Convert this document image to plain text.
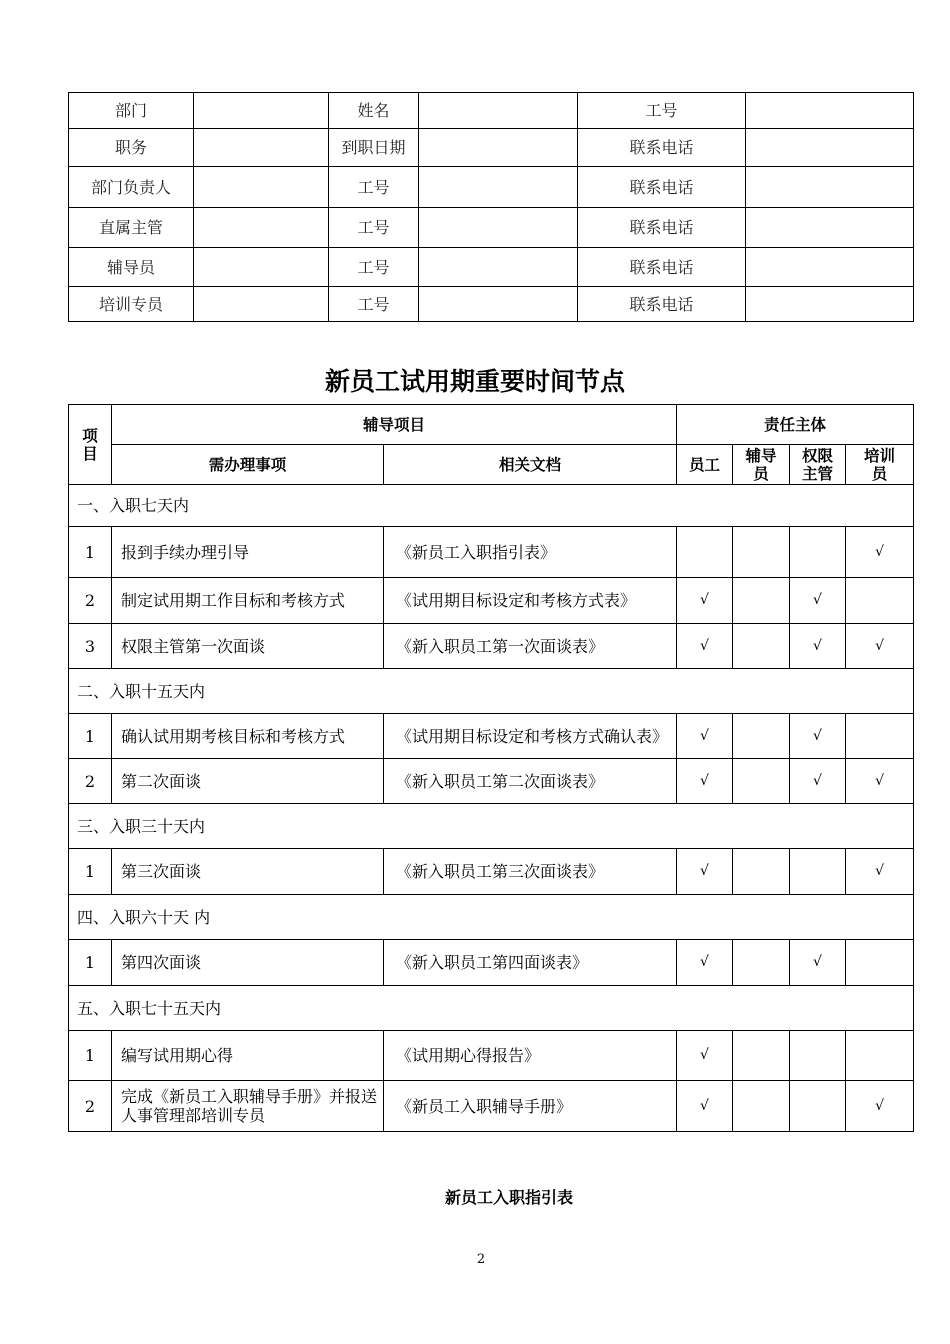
部门		姓名		工号	
职务		到职日期		联系电话	
部门负责人		工号		联系电话	
直属主管		工号		联系电话	
辅导员		工号		联系电话	
培训专员		工号		联系电话	
新员工试用期重要时间节点
项目	辅导项目		责任主体			
	需办理事项	相关文档	员工	辅导员	权限主管	培训员
一、入职七天内						
1	报到手续办理引导	《新员工入职指引表》				√
2	制定试用期工作目标和考核方式	《试用期目标设定和考核方式表》	√		√	
3	权限主管第一次面谈	《新入职员工第一次面谈表》	√		√	√
二、入职十五天内						
1	确认试用期考核目标和考核方式	《试用期目标设定和考核方式确认表》	√		√	
2	第二次面谈	《新入职员工第二次面谈表》	√		√	√
三、入职三十天内						
1	第三次面谈	《新入职员工第三次面谈表》	√			√
四、入职六十天 内						
1	第四次面谈	《新入职员工第四面谈表》	√		√	
五、入职七十五天内						
1	编写试用期心得	《试用期心得报告》	√			
2	完成《新员工入职辅导手册》并报送人事管理部培训专员	《新员工入职辅导手册》	√			√
新员工入职指引表
2
